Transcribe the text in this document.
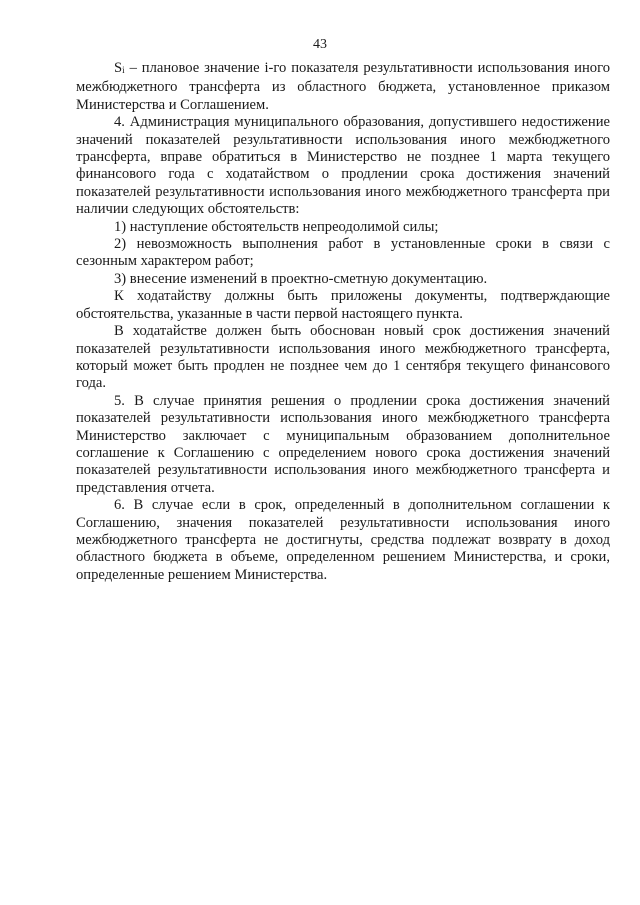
43

Si – плановое значение i-го показателя результативности использования иного межбюджетного трансферта из областного бюджета, установленное приказом Министерства и Соглашением.

4. Администрация муниципального образования, допустившего недостижение значений показателей результативности использования иного межбюджетного трансферта, вправе обратиться в Министерство не позднее 1 марта текущего финансового года с ходатайством о продлении срока достижения значений показателей результативности использования иного межбюджетного трансферта при наличии следующих обстоятельств:

1) наступление обстоятельств непреодолимой силы;

2) невозможность выполнения работ в установленные сроки в связи с сезонным характером работ;

3) внесение изменений в проектно-сметную документацию.

К ходатайству должны быть приложены документы, подтверждающие обстоятельства, указанные в части первой настоящего пункта.

В ходатайстве должен быть обоснован новый срок достижения значений показателей результативности использования иного межбюджетного трансферта, который может быть продлен не позднее чем до 1 сентября текущего финансового года.

5. В случае принятия решения о продлении срока достижения значений показателей результативности использования иного межбюджетного трансферта Министерство заключает с муниципальным образованием дополнительное соглашение к Соглашению с определением нового срока достижения значений показателей результативности использования иного межбюджетного трансферта и представления отчета.

6. В случае если в срок, определенный в дополнительном соглашении к Соглашению, значения показателей результативности использования иного межбюджетного трансферта не достигнуты, средства подлежат возврату в доход областного бюджета в объеме, определенном решением Министерства, и сроки, определенные решением Министерства.
